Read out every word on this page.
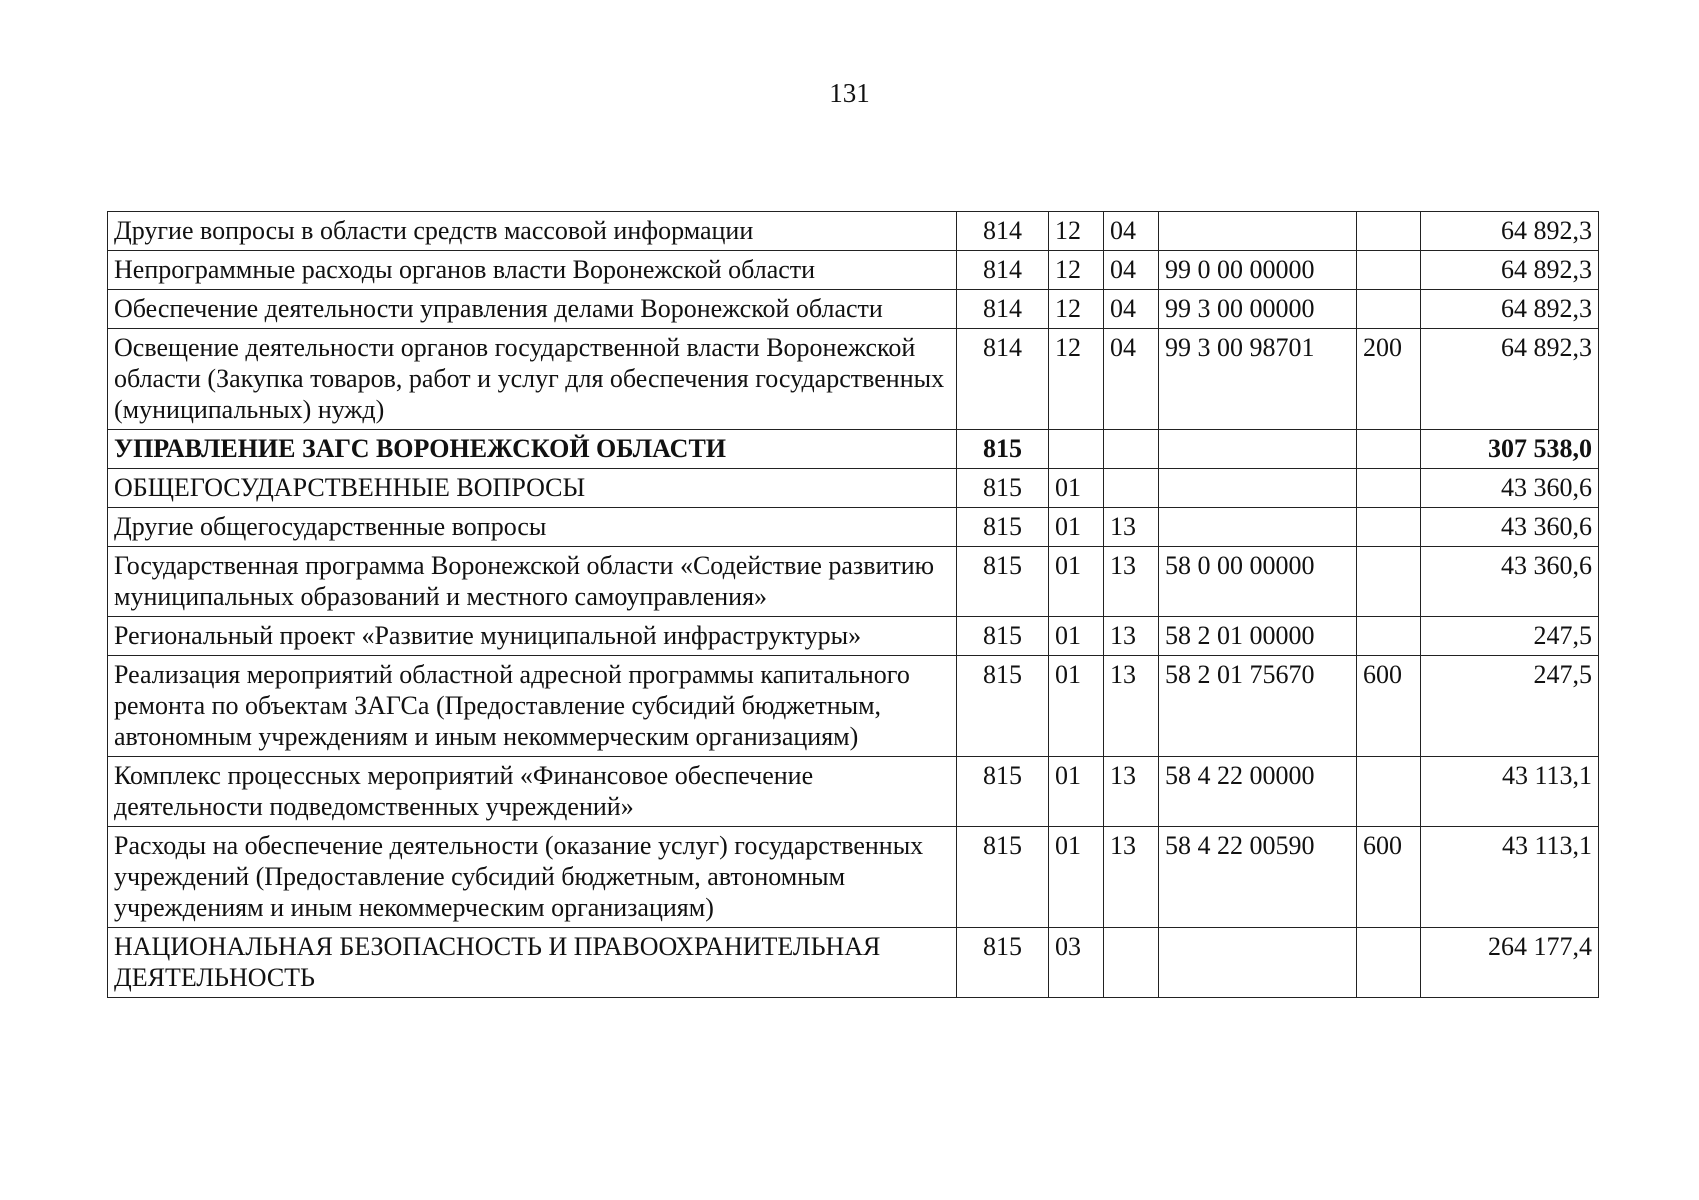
131
Другие вопросы в области средств массовой информации	814	12	04			64 892,3
Непрограммные расходы органов власти Воронежской области	814	12	04	99 0 00 00000		64 892,3
Обеспечение деятельности управления делами Воронежской области	814	12	04	99 3 00 00000		64 892,3
Освещение деятельности органов государственной власти Воронежской области (Закупка товаров, работ и услуг для обеспечения государственных (муниципальных) нужд)	814	12	04	99 3 00 98701	200	64 892,3
УПРАВЛЕНИЕ ЗАГС ВОРОНЕЖСКОЙ ОБЛАСТИ	815					307 538,0
ОБЩЕГОСУДАРСТВЕННЫЕ ВОПРОСЫ	815	01				43 360,6
Другие общегосударственные вопросы	815	01	13			43 360,6
Государственная программа Воронежской области «Содействие развитию муниципальных образований и местного самоуправления»	815	01	13	58 0 00 00000		43 360,6
Региональный проект «Развитие муниципальной инфраструктуры»	815	01	13	58 2 01 00000		247,5
Реализация мероприятий областной адресной программы капитального ремонта по объектам ЗАГСа (Предоставление субсидий бюджетным, автономным учреждениям и иным некоммерческим организациям)	815	01	13	58 2 01 75670	600	247,5
Комплекс процессных мероприятий «Финансовое обеспечение деятельности подведомственных учреждений»	815	01	13	58 4 22 00000		43 113,1
Расходы на обеспечение деятельности (оказание услуг) государственных учреждений (Предоставление субсидий бюджетным, автономным учреждениям и иным некоммерческим организациям)	815	01	13	58 4 22 00590	600	43 113,1
НАЦИОНАЛЬНАЯ БЕЗОПАСНОСТЬ И ПРАВООХРАНИТЕЛЬНАЯ ДЕЯТЕЛЬНОСТЬ	815	03				264 177,4
